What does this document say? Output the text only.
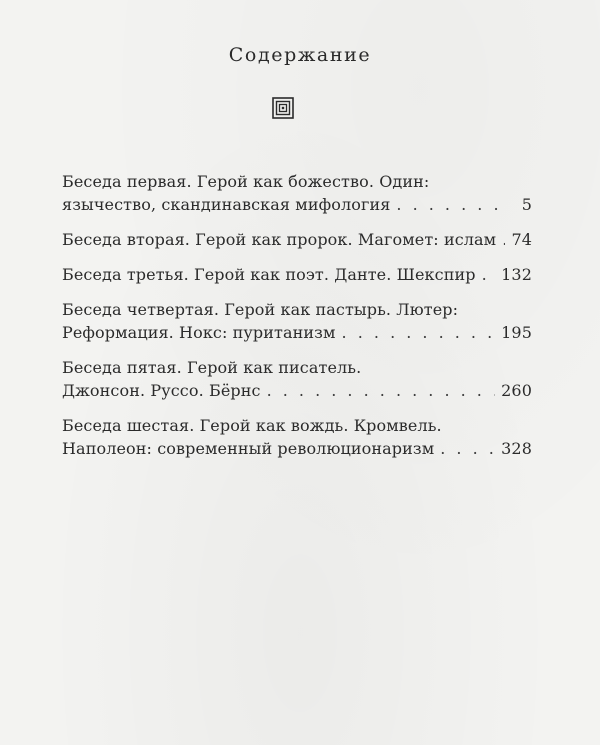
Содержание
Беседа первая. Герой как божество. Один:
язычество, скандинавская мифология . . .	5
Беседа вторая. Герой как пророк. Магомет: ислам . . . 74
Беседа третья. Герой как поэт. Данте. Шекспир . . . 132
Беседа четвертая. Герой как пастырь. Лютер:
Реформация. Нокс: пуританизм . . .	195
Беседа пятая. Герой как писатель.
Джонсон. Руссо. Бёрнс . . .	260
Беседа шестая. Герой как вождь. Кромвель.
Наполеон: современный революционаризм . . .	328
